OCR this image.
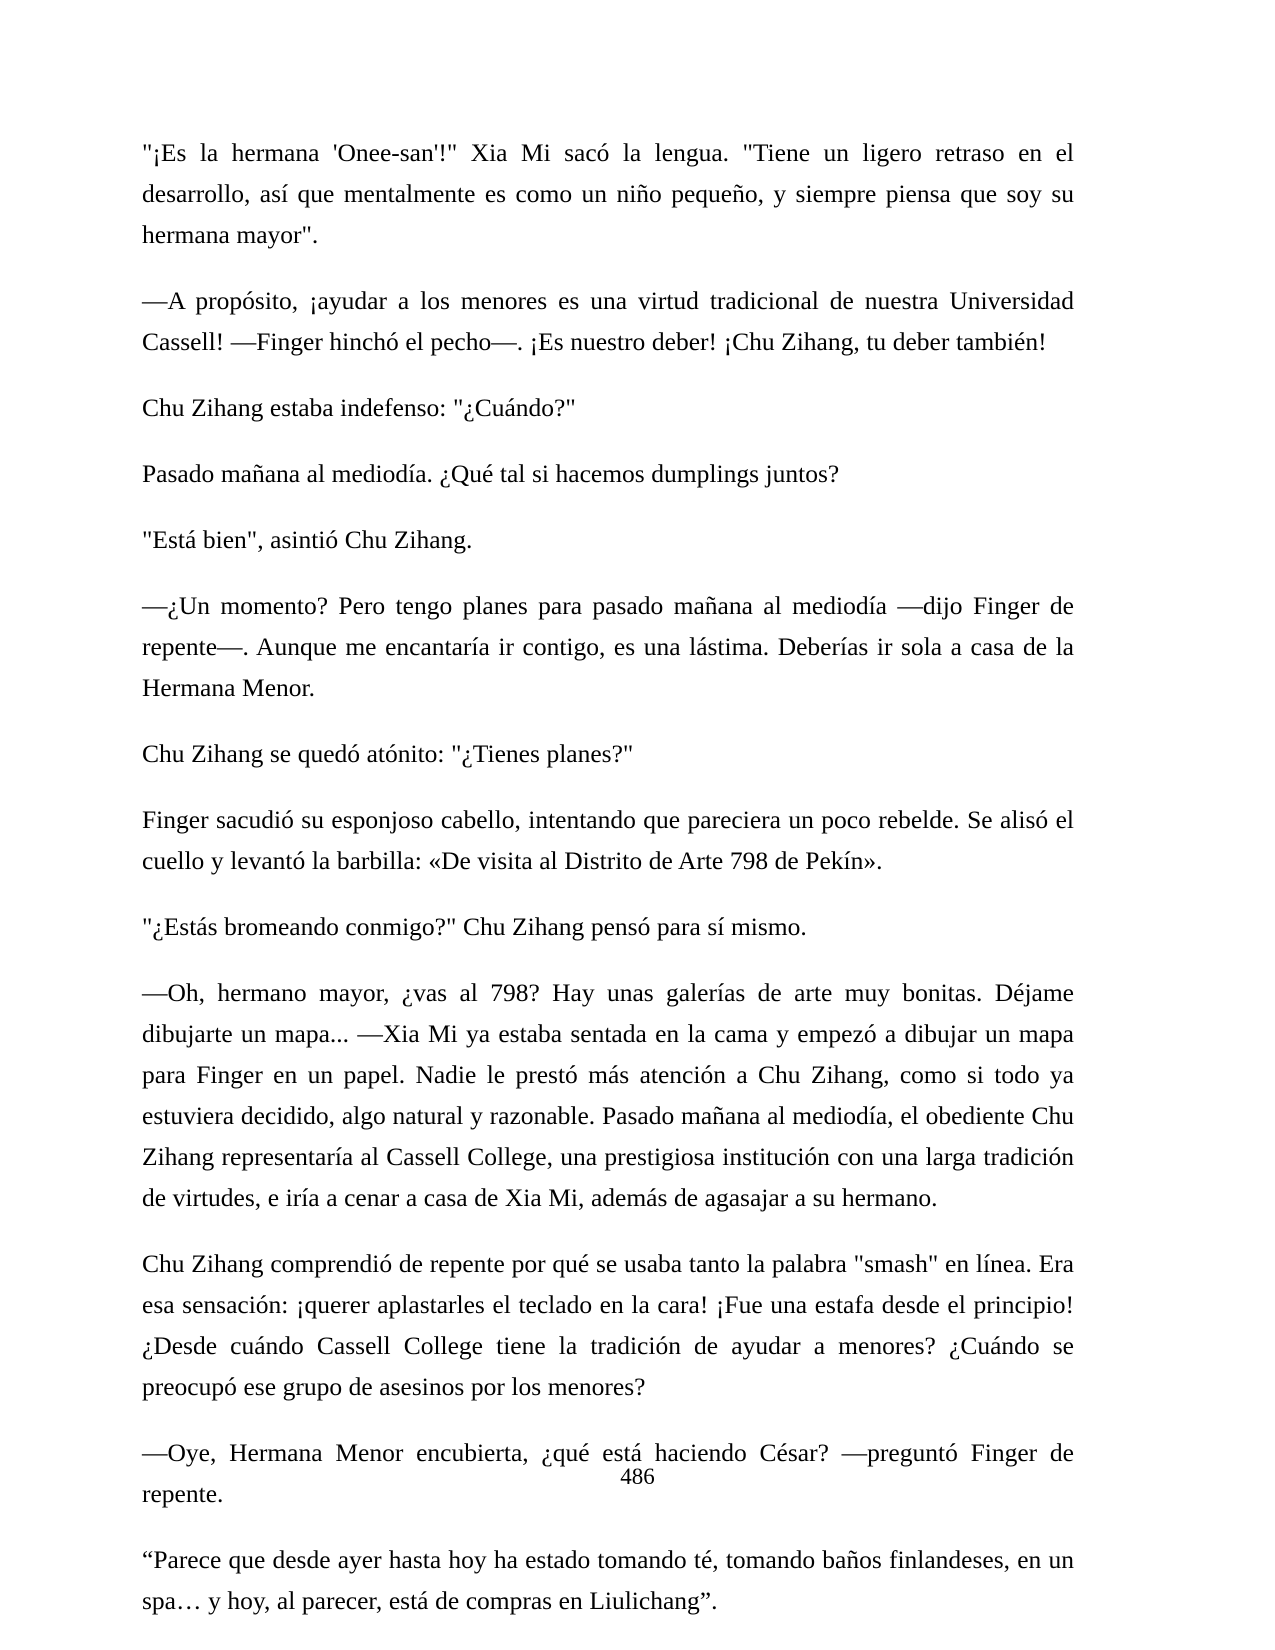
"¡Es la hermana 'Onee-san'!" Xia Mi sacó la lengua. "Tiene un ligero retraso en el desarrollo, así que mentalmente es como un niño pequeño, y siempre piensa que soy su hermana mayor".

—A propósito, ¡ayudar a los menores es una virtud tradicional de nuestra Universidad Cassell! —Finger hinchó el pecho—. ¡Es nuestro deber! ¡Chu Zihang, tu deber también!

Chu Zihang estaba indefenso: "¿Cuándo?"

Pasado mañana al mediodía. ¿Qué tal si hacemos dumplings juntos?

"Está bien", asintió Chu Zihang.

—¿Un momento? Pero tengo planes para pasado mañana al mediodía —dijo Finger de repente—. Aunque me encantaría ir contigo, es una lástima. Deberías ir sola a casa de la Hermana Menor.

Chu Zihang se quedó atónito: "¿Tienes planes?"

Finger sacudió su esponjoso cabello, intentando que pareciera un poco rebelde. Se alisó el cuello y levantó la barbilla: «De visita al Distrito de Arte 798 de Pekín».

"¿Estás bromeando conmigo?" Chu Zihang pensó para sí mismo.

—Oh, hermano mayor, ¿vas al 798? Hay unas galerías de arte muy bonitas. Déjame dibujarte un mapa... —Xia Mi ya estaba sentada en la cama y empezó a dibujar un mapa para Finger en un papel. Nadie le prestó más atención a Chu Zihang, como si todo ya estuviera decidido, algo natural y razonable. Pasado mañana al mediodía, el obediente Chu Zihang representaría al Cassell College, una prestigiosa institución con una larga tradición de virtudes, e iría a cenar a casa de Xia Mi, además de agasajar a su hermano.

Chu Zihang comprendió de repente por qué se usaba tanto la palabra "smash" en línea. Era esa sensación: ¡querer aplastarles el teclado en la cara! ¡Fue una estafa desde el principio! ¿Desde cuándo Cassell College tiene la tradición de ayudar a menores? ¿Cuándo se preocupó ese grupo de asesinos por los menores?

—Oye, Hermana Menor encubierta, ¿qué está haciendo César? —preguntó Finger de repente.

“Parece que desde ayer hasta hoy ha estado tomando té, tomando baños finlandeses, en un spa… y hoy, al parecer, está de compras en Liulichang”.

486
